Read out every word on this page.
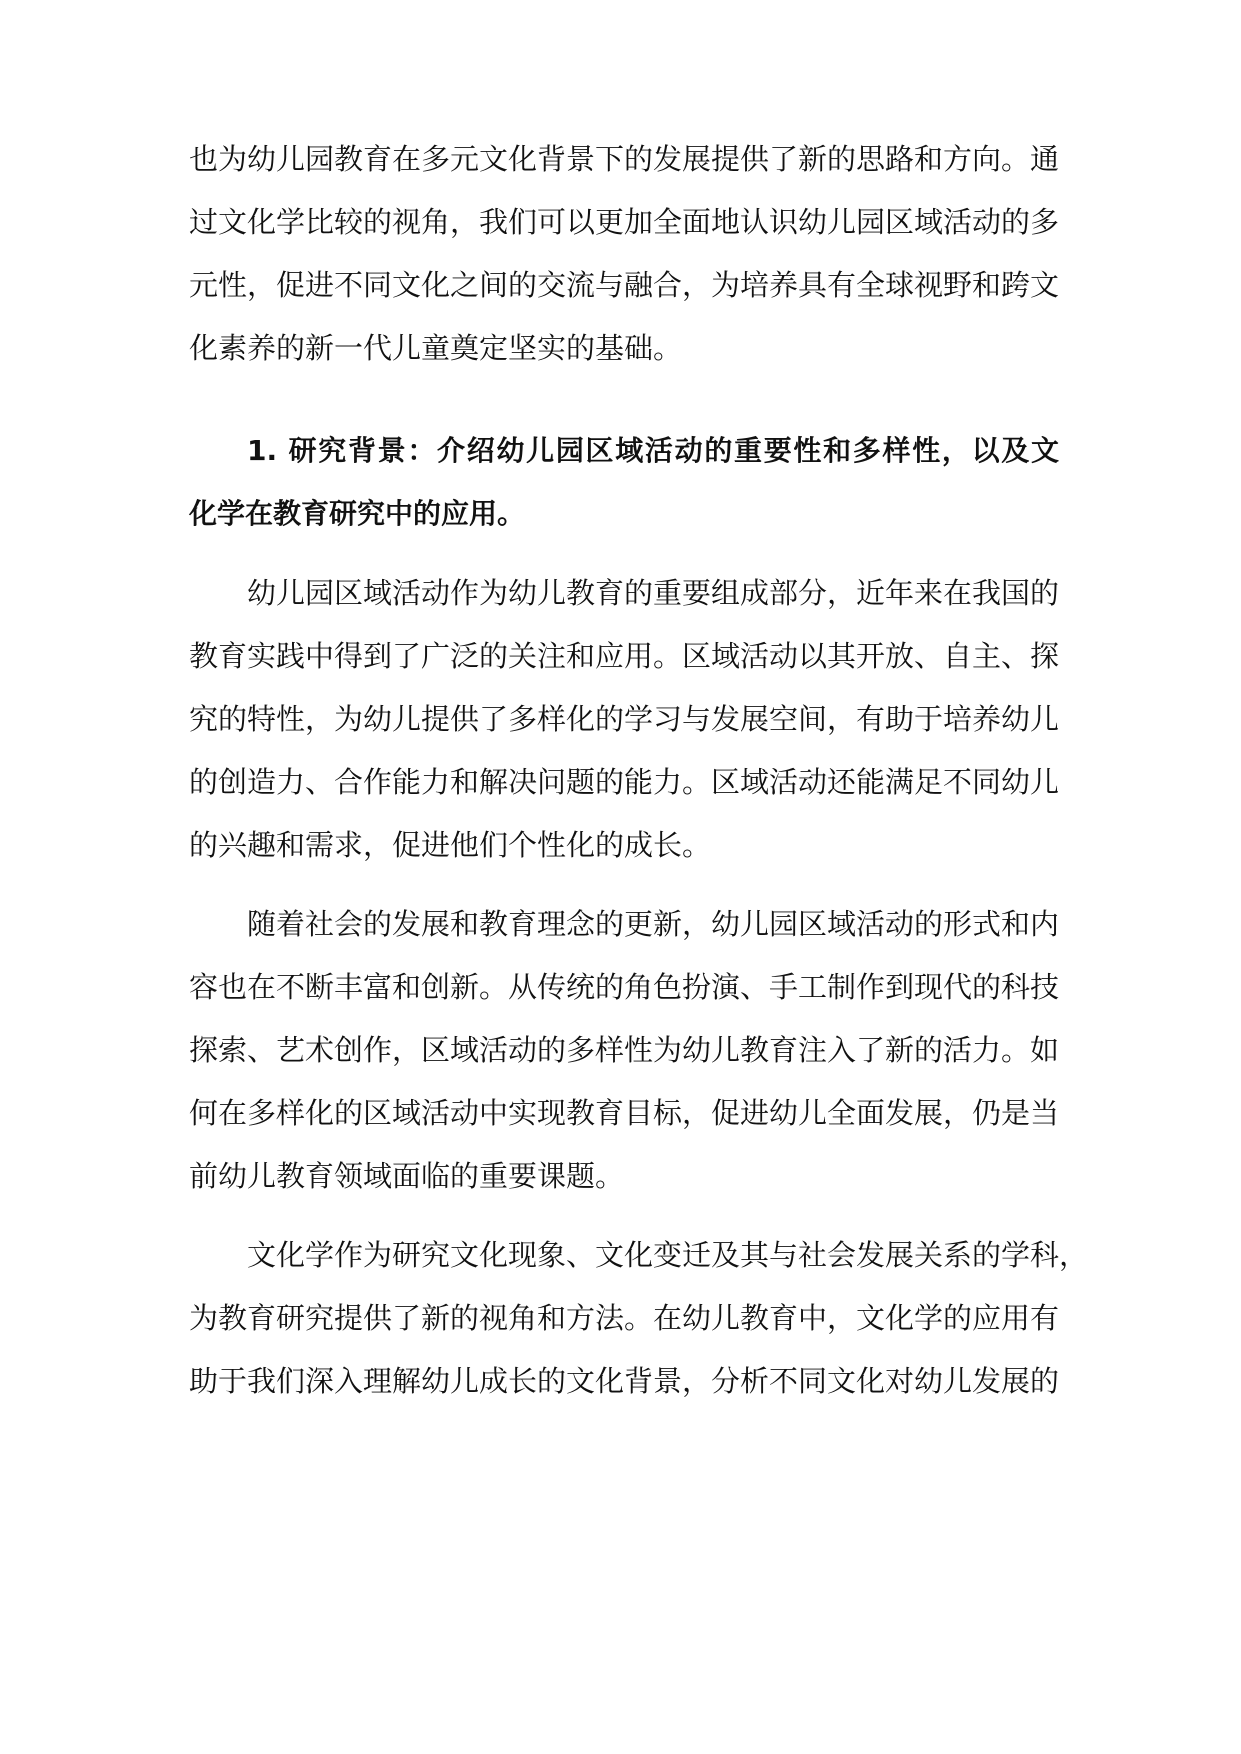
也为幼儿园教育在多元文化背景下的发展提供了新的思路和方向。通

过文化学比较的视角，我们可以更加全面地认识幼儿园区域活动的多

元性，促进不同文化之间的交流与融合，为培养具有全球视野和跨文

化素养的新一代儿童奠定坚实的基础。

1. 研究背景：介绍幼儿园区域活动的重要性和多样性，以及文
化学在教育研究中的应用。

幼儿园区域活动作为幼儿教育的重要组成部分，近年来在我国的

教育实践中得到了广泛的关注和应用。区域活动以其开放、自主、探

究的特性，为幼儿提供了多样化的学习与发展空间，有助于培养幼儿

的创造力、合作能力和解决问题的能力。区域活动还能满足不同幼儿

的兴趣和需求，促进他们个性化的成长。

随着社会的发展和教育理念的更新，幼儿园区域活动的形式和内

容也在不断丰富和创新。从传统的角色扮演、手工制作到现代的科技

探索、艺术创作，区域活动的多样性为幼儿教育注入了新的活力。如

何在多样化的区域活动中实现教育目标，促进幼儿全面发展，仍是当

前幼儿教育领域面临的重要课题。

文化学作为研究文化现象、文化变迁及其与社会发展关系的学科，

为教育研究提供了新的视角和方法。在幼儿教育中，文化学的应用有

助于我们深入理解幼儿成长的文化背景，分析不同文化对幼儿发展的
